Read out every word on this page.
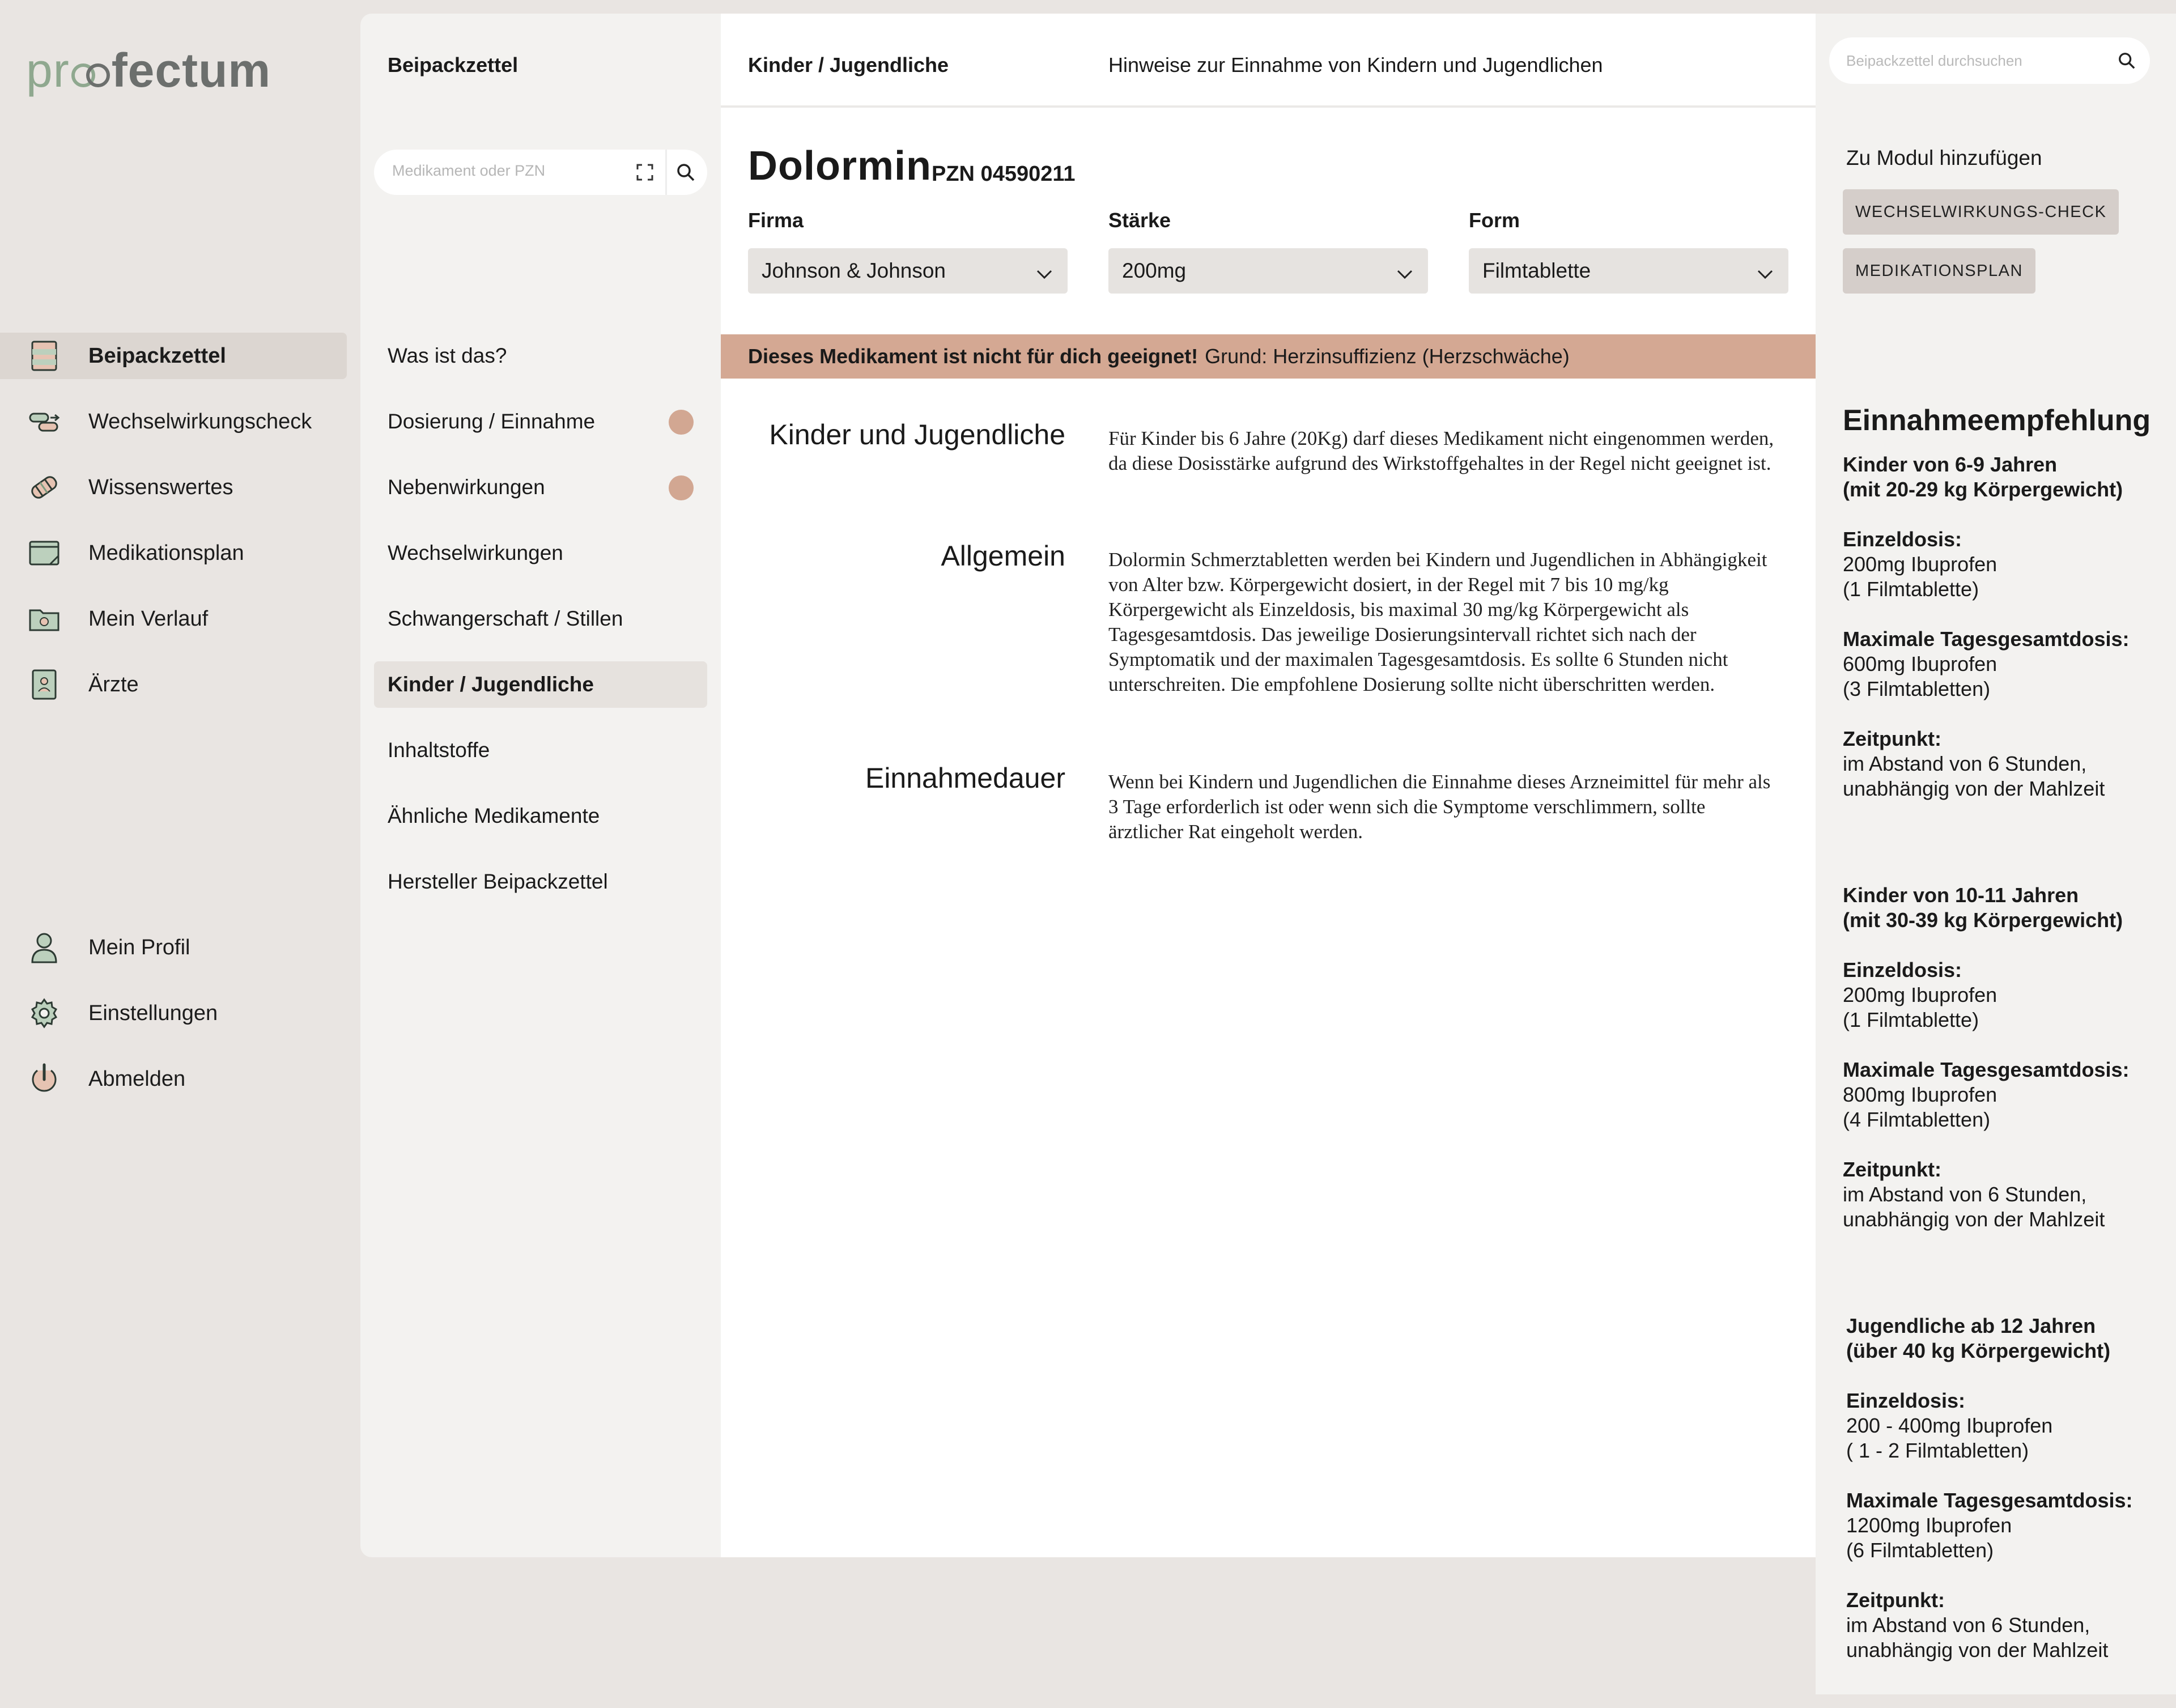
pr fectum
Beipackzettel
Wechselwirkungscheck
Wissenswertes
Medikationsplan
Mein Verlauf
Ärzte
Mein Profil
Einstellungen
Abmelden
Beipackzettel	Kinder / Jugendliche	Hinweise zur Einnahme von Kindern und Jugendlichen
Medikament oder PZN
Was ist das?
Dosierung / Einnahme
Nebenwirkungen
Wechselwirkungen
Schwangerschaft / Stillen
Kinder / Jugendliche
Inhaltstoffe
Ähnliche Medikamente
Hersteller Beipackzettel
Dolormin PZN 04590211
Firma	Stärke	Form
Johnson & Johnson	200mg	Filmtablette
Dieses Medikament ist nicht für dich geeignet! Grund: Herzinsuffizienz (Herzschwäche)
Kinder und Jugendliche Für Kinder bis 6 Jahre (20Kg) darf dieses Medikament nicht eingenommen werden, da diese Dosisstärke aufgrund des Wirkstoffgehaltes in der Regel nicht geeignet ist.
Allgemein Dolormin Schmerztabletten werden bei Kindern und Jugendlichen in Abhängigkeit von Alter bzw. Körpergewicht dosiert, in der Regel mit 7 bis 10 mg/kg Körpergewicht als Einzeldosis, bis maximal 30 mg/kg Körpergewicht als Tagesgesamtdosis. Das jeweilige Dosierungsintervall richtet sich nach der Symptomatik und der maximalen Tagesgesamtdosis. Es sollte 6 Stunden nicht unterschreiten. Die empfohlene Dosierung sollte nicht überschritten werden.
Einnahmedauer Wenn bei Kindern und Jugendlichen die Einnahme dieses Arzneimittel für mehr als 3 Tage erforderlich ist oder wenn sich die Symptome verschlimmern, sollte ärztlicher Rat eingeholt werden.
Beipackzettel durchsuchen
Zu Modul hinzufügen
WECHSELWIRKUNGS-CHECK
MEDIKATIONSPLAN
Einnahmeempfehlung
Kinder von 6-9 Jahren
(mit 20-29 kg Körpergewicht)
Einzeldosis:
200mg Ibuprofen
(1 Filmtablette)
Maximale Tagesgesamtdosis:
600mg Ibuprofen
(3 Filmtabletten)
Zeitpunkt:
im Abstand von 6 Stunden,
unabhängig von der Mahlzeit
Kinder von 10-11 Jahren
(mit 30-39 kg Körpergewicht)
Einzeldosis:
200mg Ibuprofen
(1 Filmtablette)
Maximale Tagesgesamtdosis:
800mg Ibuprofen
(4 Filmtabletten)
Zeitpunkt:
im Abstand von 6 Stunden,
unabhängig von der Mahlzeit
Jugendliche ab 12 Jahren
(über 40 kg Körpergewicht)
Einzeldosis:
200 - 400mg Ibuprofen
( 1 - 2 Filmtabletten)
Maximale Tagesgesamtdosis:
1200mg Ibuprofen
(6 Filmtabletten)
Zeitpunkt:
im Abstand von 6 Stunden,
unabhängig von der Mahlzeit
